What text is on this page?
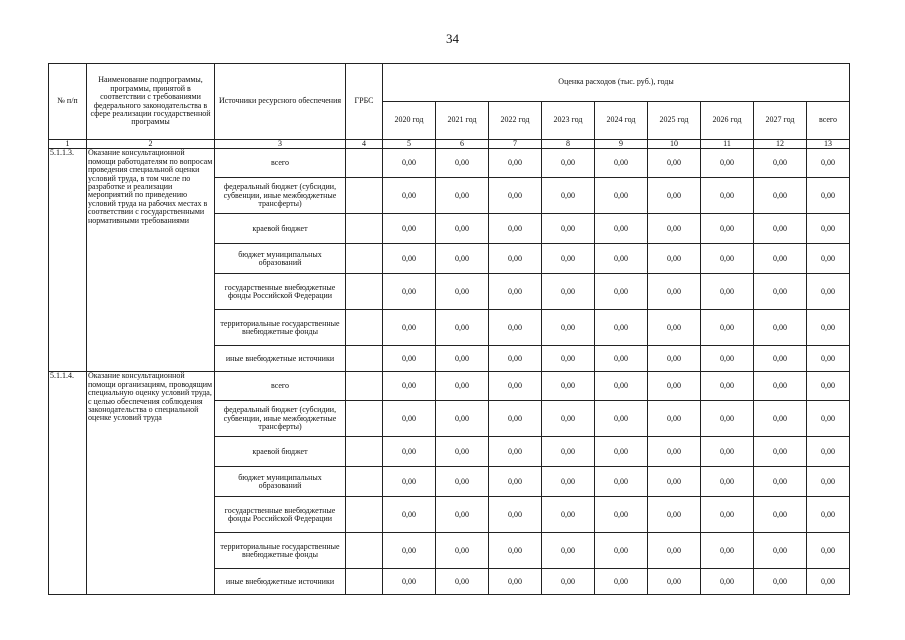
34
№ п/п	Наименование подпрограммы, программы, принятой в соответствии с требованиями федерального законодательства в сфере реализации государственной программы	Источники ресурсного обеспечения	ГРБС	Оценка расходов (тыс. руб.), годы								
				2020 год	2021 год	2022 год	2023 год	2024 год	2025 год	2026 год	2027 год	всего
1	2	3	4	5	6	7	8	9	10	11	12	13
5.1.1.3.	Оказание консультационной помощи работодателям по вопросам проведения специальной оценки условий труда, в том числе по разработке и реализации мероприятий по приведению условий труда на рабочих местах в соответствии с государственными нормативными требованиями	всего		0,00	0,00	0,00	0,00	0,00	0,00	0,00	0,00	0,00
		федеральный бюджет (субсидии, субвенции, иные межбюджетные трансферты)		0,00	0,00	0,00	0,00	0,00	0,00	0,00	0,00	0,00
		краевой бюджет		0,00	0,00	0,00	0,00	0,00	0,00	0,00	0,00	0,00
		бюджет муниципальных образований		0,00	0,00	0,00	0,00	0,00	0,00	0,00	0,00	0,00
		государственные внебюджетные фонды Российской Федерации		0,00	0,00	0,00	0,00	0,00	0,00	0,00	0,00	0,00
		территориальные государственные внебюджетные фонды		0,00	0,00	0,00	0,00	0,00	0,00	0,00	0,00	0,00
		иные внебюджетные источники		0,00	0,00	0,00	0,00	0,00	0,00	0,00	0,00	0,00
5.1.1.4.	Оказание консультационной помощи организациям, проводящим специальную оценку условий труда, с целью обеспечения соблюдения законодательства о специальной оценке условий труда	всего		0,00	0,00	0,00	0,00	0,00	0,00	0,00	0,00	0,00
		федеральный бюджет (субсидии, субвенции, иные межбюджетные трансферты)		0,00	0,00	0,00	0,00	0,00	0,00	0,00	0,00	0,00
		краевой бюджет		0,00	0,00	0,00	0,00	0,00	0,00	0,00	0,00	0,00
		бюджет муниципальных образований		0,00	0,00	0,00	0,00	0,00	0,00	0,00	0,00	0,00
		государственные внебюджетные фонды Российской Федерации		0,00	0,00	0,00	0,00	0,00	0,00	0,00	0,00	0,00
		территориальные государственные внебюджетные фонды		0,00	0,00	0,00	0,00	0,00	0,00	0,00	0,00	0,00
		иные внебюджетные источники		0,00	0,00	0,00	0,00	0,00	0,00	0,00	0,00	0,00
